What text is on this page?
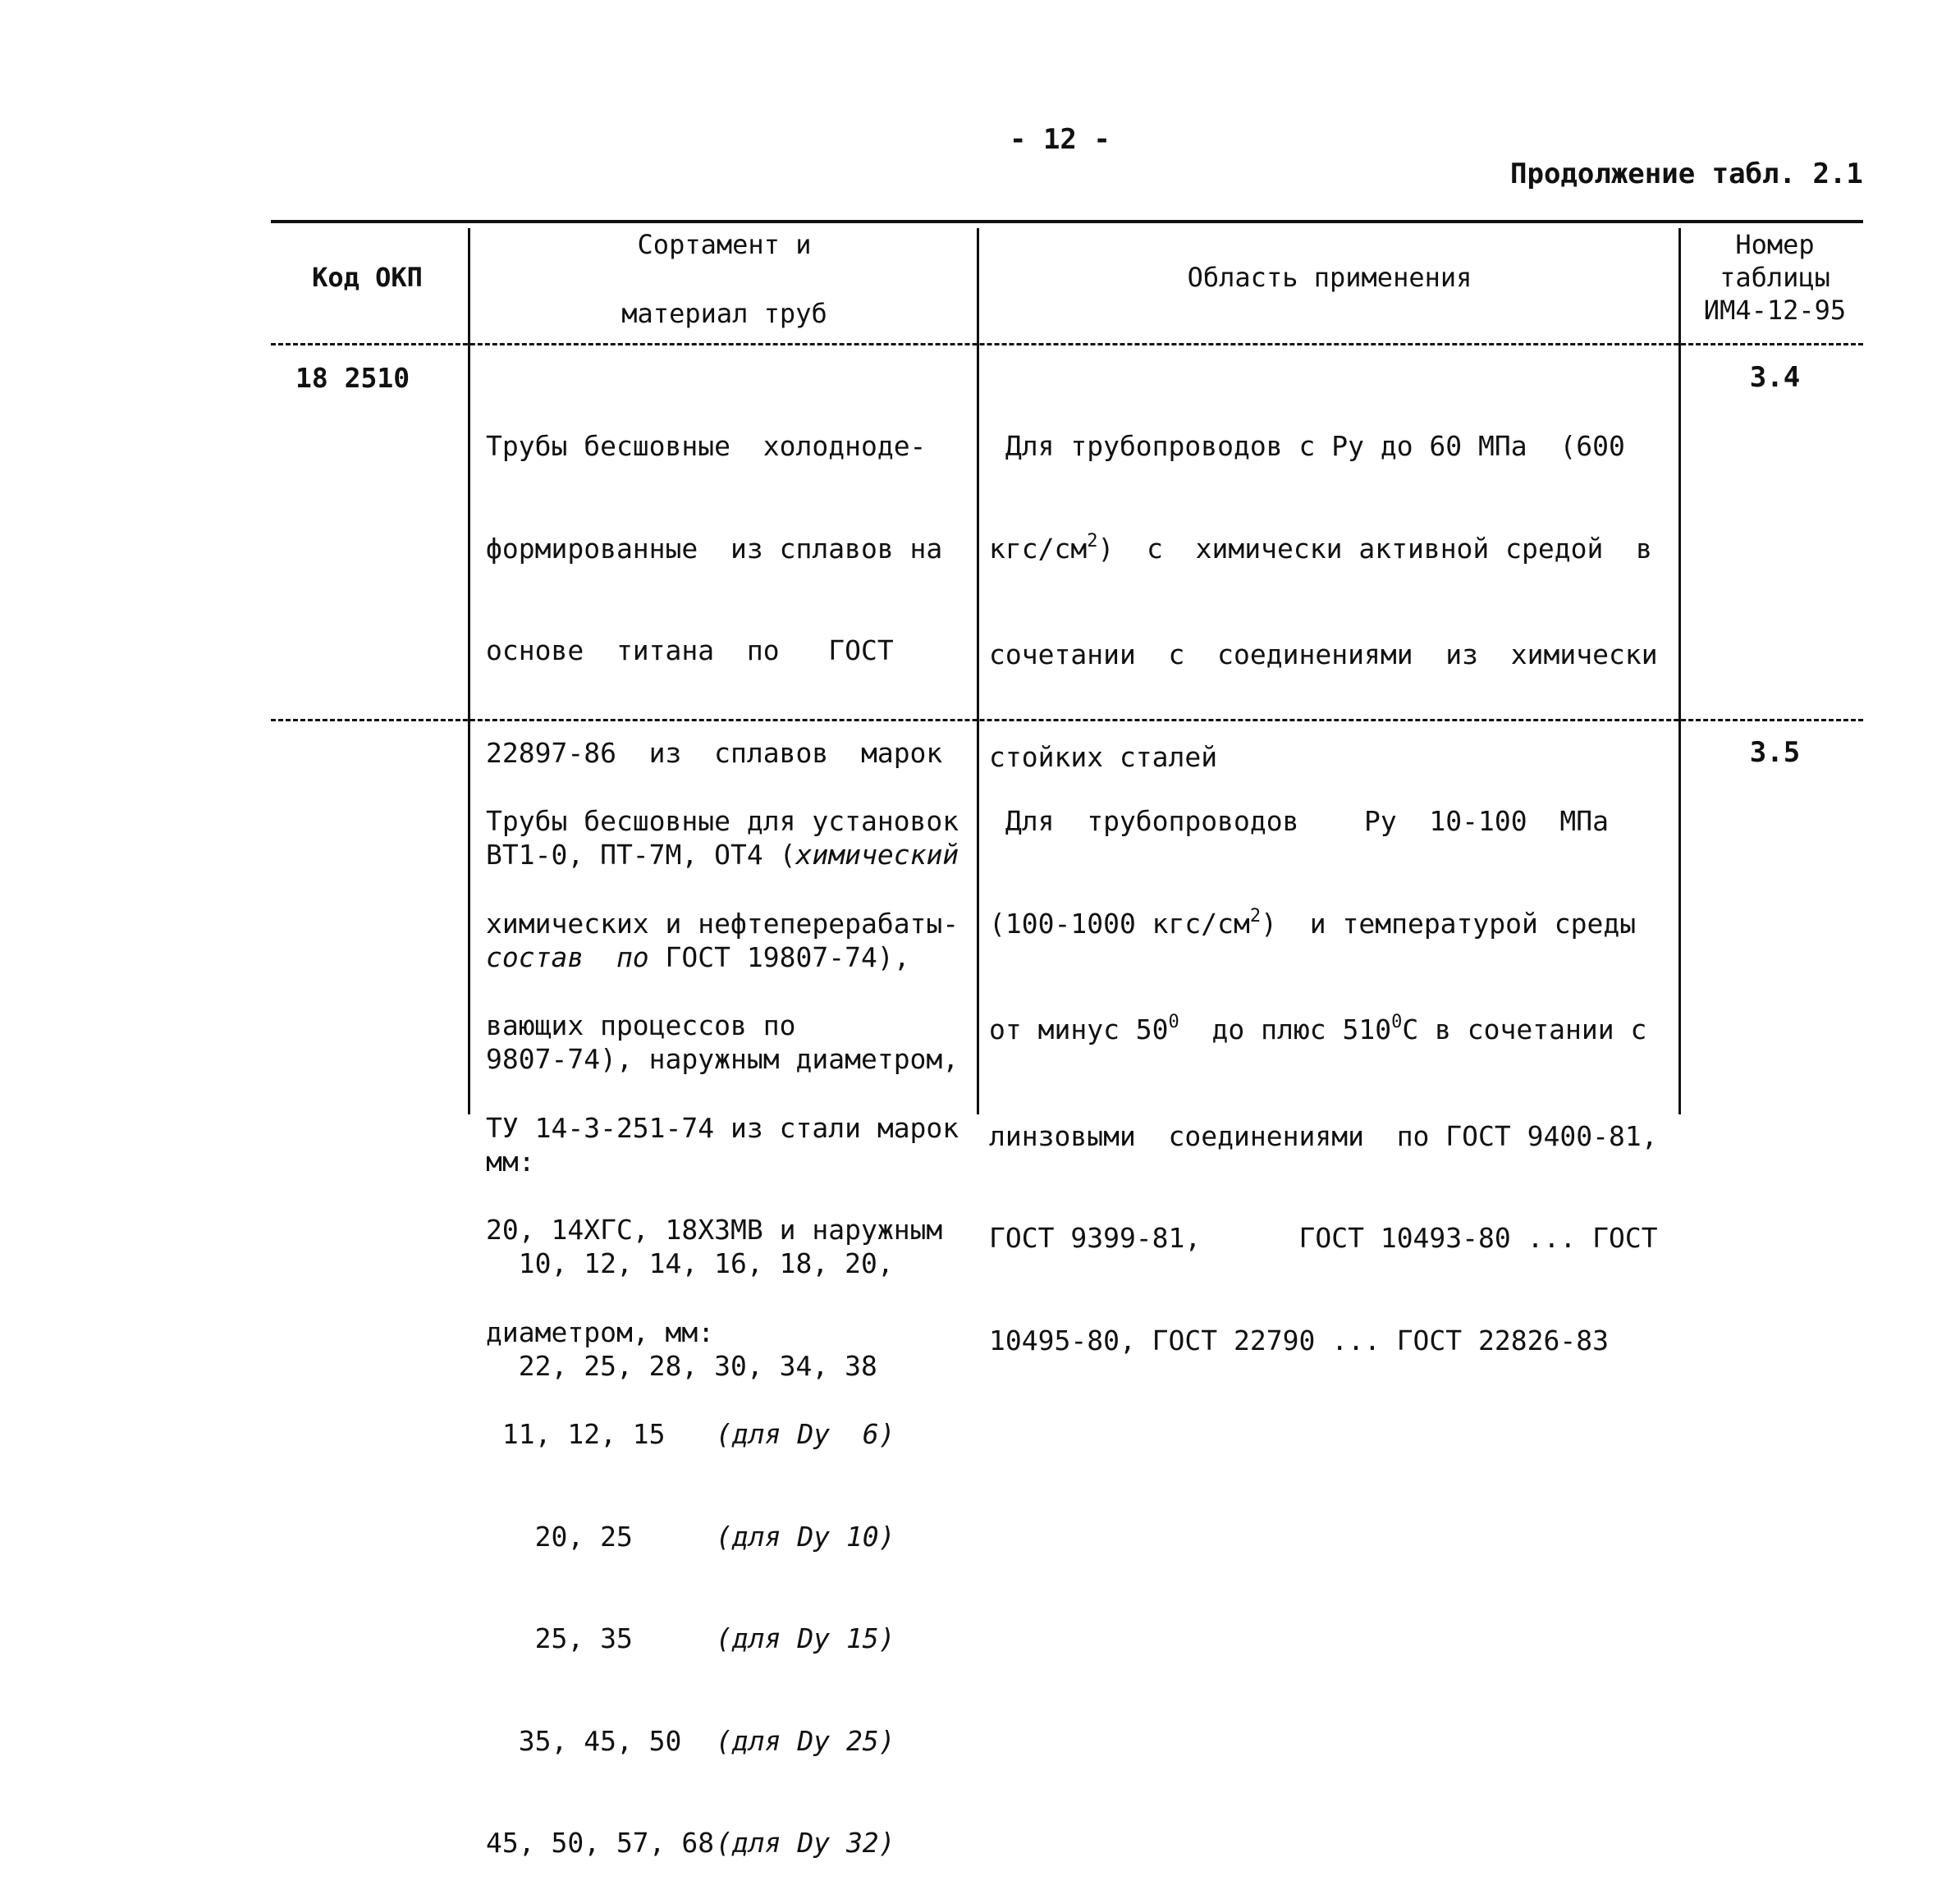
- 12 -
Продолжение табл. 2.1
Код ОКП
Сортамент и
материал труб
Область применения
Номер
таблицы
ИМ4-12-95
18 2510

Трубы бесшовные  холодноде-

формированные  из сплавов на

основе  титана  по   ГОСТ

22897-86  из  сплавов  марок

ВТ1-0, ПТ-7М, ОТ4 (химический

состав  по ГОСТ 19807-74),

9807-74), наружным диаметром,

мм:

10, 12, 14, 16, 18, 20,

22, 25, 28, 30, 34, 38

Для трубопроводов с Ру до 60 МПа  (600

кгс/$см^2$)  с  химически активной средой  в

сочетании  с  соединениями  из  химически

стойких сталей

3.4

Трубы бесшовные для установок

химических и нефтеперерабаты-

вающих процессов по

ТУ 14-3-251-74 из стали марок

20, 14ХГС, 18Х3МВ и наружным

диаметром, мм:

11, 12, 15 (для Dу  6)

20, 25	(для Dу 10)

25, 35	(для Dу 15)

35, 45, 50 (для Dу 25)

45, 50, 57, 68(для Dу 32)

Для  трубопроводов    Ру  10-100  МПа

(100-1000 кгс/$см^2$)  и температурой среды

от минус $50^0$  до плюс $510^0С$ в сочетании с

линзовыми  соединениями  по ГОСТ 9400-81,

ГОСТ 9399-81,      ГОСТ 10493-80 ... ГОСТ

10495-80, ГОСТ 22790 ... ГОСТ 22826-83

3.5
